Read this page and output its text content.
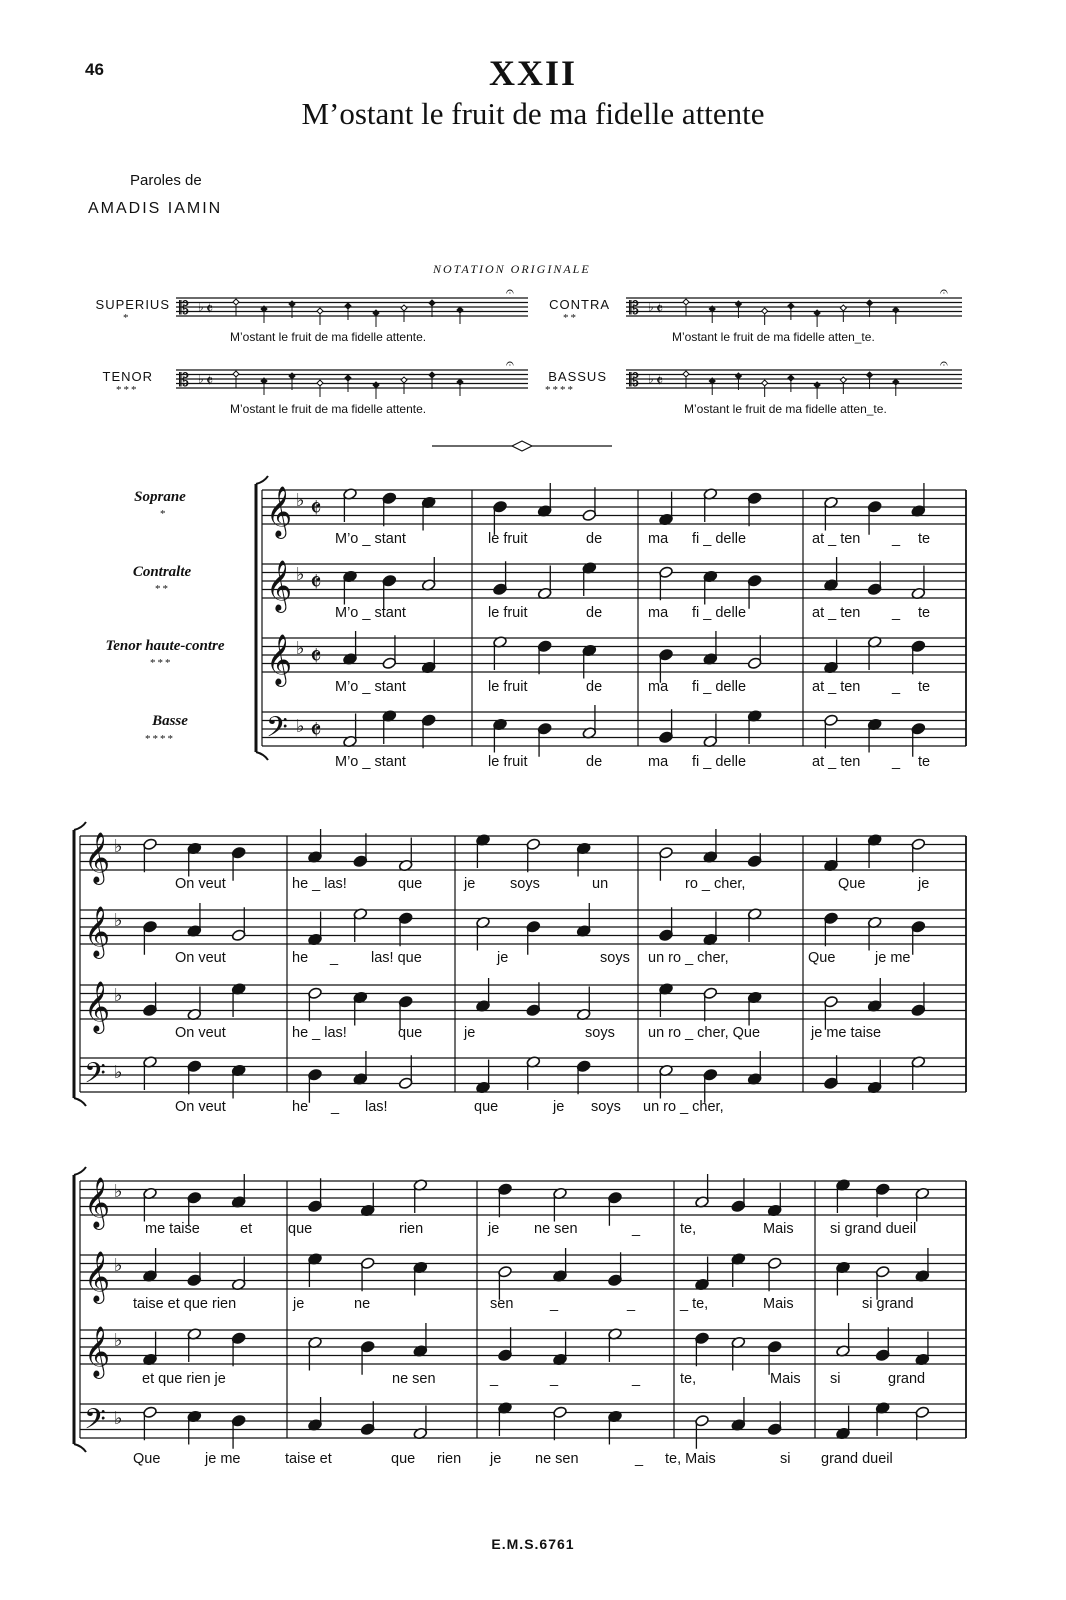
46	XXII
M’ostant le fruit de ma fidelle attente
Paroles de
AMADIS IAMIN
NOTATION ORIGINALE
SUPERIUS
*
CONTRA
**
TENOR
***
BASSUS
****
M’ostant le fruit de ma fidelle attente.	M’ostant le fruit de ma fidelle atten_te.
M’ostant le fruit de ma fidelle attente.	M’ostant le fruit de ma fidelle atten_te.
Soprane
*
Contralte
**
Tenor haute-contre
***
Basse
****
𝄡 ♭ 𝄵
𝄐
𝄡 ♭ 𝄵
𝄐
𝄡 ♭ 𝄵
𝄐
𝄡 ♭ 𝄵
𝄐
𝄞 ♭ 𝄵
𝄞 ♭ 𝄵
𝄞 ♭ 𝄵
𝄢 ♭ 𝄵
𝄞 ♭
𝄞 ♭
𝄞 ♭
𝄢 ♭
𝄞 ♭
𝄞 ♭
𝄞 ♭
𝄢 ♭
M’o _ stant	le fruit	de	ma fi _ delle	at _ ten _ te
M’o _ stant	le fruit	de	ma fi _ delle	at _ ten _ te
M’o _ stant	le fruit	de	ma fi _ delle	at _ ten _ te
M’o _ stant	le fruit	de	ma fi _ delle	at _ ten _ te
On veut	he _ las!	que	je soys	un	ro _ cher,	Que	je
On veut	he _ las! que	je	soys un ro _ cher,	Que	je me
On veut	he _ las!	que	je	soys un ro _ cher, Que	je me taise
On veut	he _ las!	que	je soys un ro _ cher,
me taise	et que	rien	je ne sen	_	te,	Mais	si grand dueil
taise et que rien	je	ne	sen	_	_	_ te,	Mais	si grand
et que rien je	ne sen	_	_	_	te,	Mais si	grand
Que	je me	taise et	que rien je ne sen	_ te, Mais	si grand dueil
E.M.S.6761
